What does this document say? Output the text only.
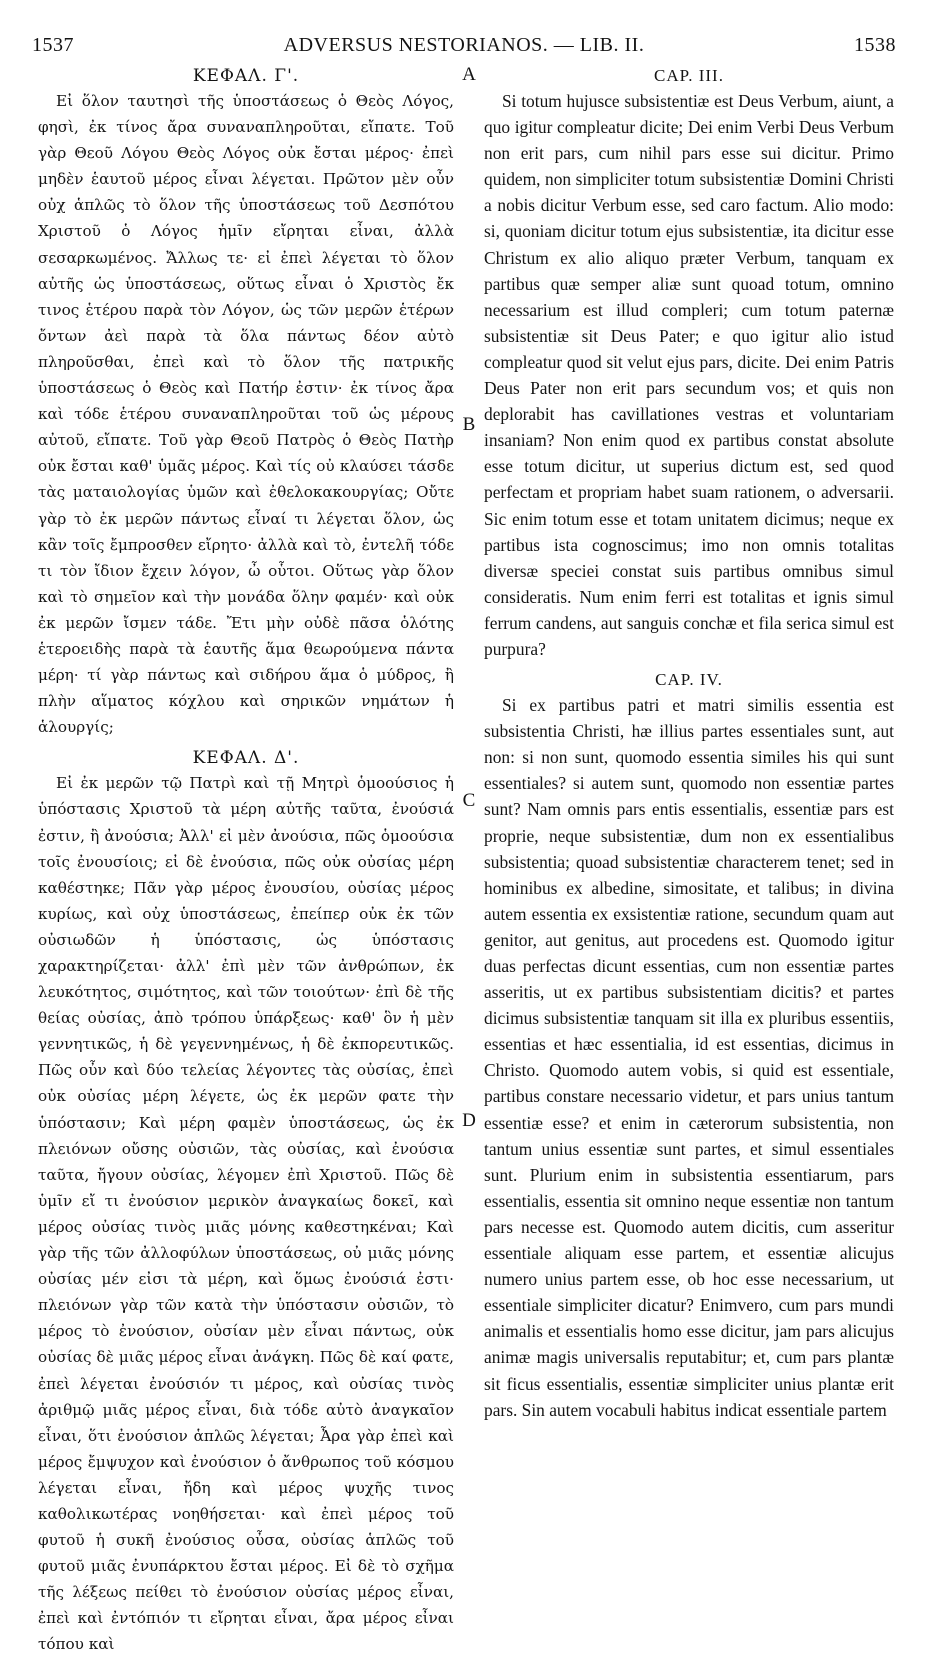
1537	ADVERSUS NESTORIANOS. — LIB. II.	1538
A
B
C
D
ΚΕΦΑΛ. Γ'.

Εἰ ὅλον ταυτησὶ τῆς ὑποστάσεως ὁ Θεὸς Λόγος, φησὶ, ἐκ τίνος ἄρα συναναπληροῦται, εἴπατε. Τοῦ γὰρ Θεοῦ Λόγου Θεὸς Λόγος οὐκ ἔσται μέρος· ἐπεὶ μηδὲν ἑαυτοῦ μέρος εἶναι λέγεται. Πρῶτον μὲν οὖν οὐχ ἁπλῶς τὸ ὅλον τῆς ὑποστάσεως τοῦ Δεσπότου Χριστοῦ ὁ Λόγος ἡμῖν εἴρηται εἶναι, ἀλλὰ σεσαρκωμένος. Ἄλλως τε· εἰ ἐπεὶ λέγεται τὸ ὅλον αὐτῆς ὡς ὑποστάσεως, οὕτως εἶναι ὁ Χριστὸς ἔκ τινος ἑτέρου παρὰ τὸν Λόγον, ὡς τῶν μερῶν ἑτέρων ὄντων ἀεὶ παρὰ τὰ ὅλα πάντως δέον αὐτὸ πληροῦσθαι, ἐπεὶ καὶ τὸ ὅλον τῆς πατρικῆς ὑποστάσεως ὁ Θεὸς καὶ Πατήρ ἐστιν· ἐκ τίνος ἄρα καὶ τόδε ἑτέρου συναναπληροῦται τοῦ ὡς μέρους αὐτοῦ, εἴπατε. Τοῦ γὰρ Θεοῦ Πατρὸς ὁ Θεὸς Πατὴρ οὐκ ἔσται καθ' ὑμᾶς μέρος. Καὶ τίς οὐ κλαύσει τάσδε τὰς ματαιολογίας ὑμῶν καὶ ἐθελοκακουργίας; Οὔτε γὰρ τὸ ἐκ μερῶν πάντως εἶναί τι λέγεται ὅλον, ὡς κἂν τοῖς ἔμπροσθεν εἴρητο· ἀλλὰ καὶ τὸ, ἐντελῆ τόδε τι τὸν ἴδιον ἔχειν λόγον, ὦ οὗτοι. Οὕτως γὰρ ὅλον καὶ τὸ σημεῖον καὶ τὴν μονάδα ὅλην φαμέν· καὶ οὐκ ἐκ μερῶν ἴσμεν τάδε. Ἔτι μὴν οὐδὲ πᾶσα ὁλότης ἑτεροειδὴς παρὰ τὰ ἑαυτῆς ἅμα θεωρούμενα πάντα μέρη· τί γὰρ πάντως καὶ σιδήρου ἅμα ὁ μύδρος, ἢ πλὴν αἵματος κόχλου καὶ σηρικῶν νημάτων ἡ ἁλουργίς;

ΚΕΦΑΛ. Δ'.

Εἰ ἐκ μερῶν τῷ Πατρὶ καὶ τῇ Μητρὶ ὁμοούσιος ἡ ὑπόστασις Χριστοῦ τὰ μέρη αὐτῆς ταῦτα, ἐνούσιά ἐστιν, ἢ ἀνούσια; Ἀλλ' εἰ μὲν ἀνούσια, πῶς ὁμοούσια τοῖς ἐνουσίοις; εἰ δὲ ἐνούσια, πῶς οὐκ οὐσίας μέρη καθέστηκε; Πᾶν γὰρ μέρος ἐνουσίου, οὐσίας μέρος κυρίως, καὶ οὐχ ὑποστάσεως, ἐπείπερ οὐκ ἐκ τῶν οὐσιωδῶν ἡ ὑπόστασις, ὡς ὑπόστασις χαρακτηρίζεται· ἀλλ' ἐπὶ μὲν τῶν ἀνθρώπων, ἐκ λευκότητος, σιμότητος, καὶ τῶν τοιούτων· ἐπὶ δὲ τῆς θείας οὐσίας, ἀπὸ τρόπου ὑπάρξεως· καθ' ὃν ἡ μὲν γεννητικῶς, ἡ δὲ γεγεννημένως, ἡ δὲ ἐκπορευτικῶς. Πῶς οὖν καὶ δύο τελείας λέγοντες τὰς οὐσίας, ἐπεὶ οὐκ οὐσίας μέρη λέγετε, ὡς ἐκ μερῶν φατε τὴν ὑπόστασιν; Καὶ μέρη φαμὲν ὑποστάσεως, ὡς ἐκ πλειόνων οὔσης οὐσιῶν, τὰς οὐσίας, καὶ ἐνούσια ταῦτα, ἤγουν οὐσίας, λέγομεν ἐπὶ Χριστοῦ. Πῶς δὲ ὑμῖν εἴ τι ἐνούσιον μερικὸν ἀναγκαίως δοκεῖ, καὶ μέρος οὐσίας τινὸς μιᾶς μόνης καθεστηκέναι; Καὶ γὰρ τῆς τῶν ἀλλοφύλων ὑποστάσεως, οὐ μιᾶς μόνης οὐσίας μέν εἰσι τὰ μέρη, καὶ ὅμως ἐνούσιά ἐστι· πλειόνων γὰρ τῶν κατὰ τὴν ὑπόστασιν οὐσιῶν, τὸ μέρος τὸ ἐνούσιον, οὐσίαν μὲν εἶναι πάντως, οὐκ οὐσίας δὲ μιᾶς μέρος εἶναι ἀνάγκη. Πῶς δὲ καί φατε, ἐπεὶ λέγεται ἐνούσιόν τι μέρος, καὶ οὐσίας τινὸς ἀριθμῷ μιᾶς μέρος εἶναι, διὰ τόδε αὐτὸ ἀναγκαῖον εἶναι, ὅτι ἐνούσιον ἁπλῶς λέγεται; Ἆρα γὰρ ἐπεὶ καὶ μέρος ἔμψυχον καὶ ἐνούσιον ὁ ἄνθρωπος τοῦ κόσμου λέγεται εἶναι, ἤδη καὶ μέρος ψυχῆς τινος καθολικωτέρας νοηθήσεται· καὶ ἐπεὶ μέρος τοῦ φυτοῦ ἡ συκῆ ἐνούσιος οὖσα, οὐσίας ἁπλῶς τοῦ φυτοῦ μιᾶς ἐνυπάρκτου ἔσται μέρος. Εἰ δὲ τὸ σχῆμα τῆς λέξεως πείθει τὸ ἐνούσιον οὐσίας μέρος εἶναι, ἐπεὶ καὶ ἐντόπιόν τι εἴρηται εἶναι, ἄρα μέρος εἶναι τόπου καὶ

CAP. III.

Si totum hujusce subsistentiæ est Deus Verbum, aiunt, a quo igitur compleatur dicite; Dei enim Verbi Deus Verbum non erit pars, cum nihil pars esse sui dicitur. Primo quidem, non simpliciter totum subsistentiæ Domini Christi a nobis dicitur Verbum esse, sed caro factum. Alio modo: si, quoniam dicitur totum ejus subsistentiæ, ita dicitur esse Christum ex alio aliquo præter Verbum, tanquam ex partibus quæ semper aliæ sunt quoad totum, omnino necessarium est illud compleri; cum totum paternæ subsistentiæ sit Deus Pater; e quo igitur alio istud compleatur quod sit velut ejus pars, dicite. Dei enim Patris Deus Pater non erit pars secundum vos; et quis non deplorabit has cavillationes vestras et voluntariam insaniam? Non enim quod ex partibus constat absolute esse totum dicitur, ut superius dictum est, sed quod perfectam et propriam habet suam rationem, o adversarii. Sic enim totum esse et totam unitatem dicimus; neque ex partibus ista cognoscimus; imo non omnis totalitas diversæ speciei constat suis partibus omnibus simul consideratis. Num enim ferri est totalitas et ignis simul ferrum candens, aut sanguis conchæ et fila serica simul est purpura?

CAP. IV.

Si ex partibus patri et matri similis essentia est subsistentia Christi, hæ illius partes essentiales sunt, aut non: si non sunt, quomodo essentia similes his qui sunt essentiales? si autem sunt, quomodo non essentiæ partes sunt? Nam omnis pars entis essentialis, essentiæ pars est proprie, neque subsistentiæ, dum non ex essentialibus subsistentia; quoad subsistentiæ characterem tenet; sed in hominibus ex albedine, simositate, et talibus; in divina autem essentia ex exsistentiæ ratione, secundum quam aut genitor, aut genitus, aut procedens est. Quomodo igitur duas perfectas dicunt essentias, cum non essentiæ partes asseritis, ut ex partibus subsistentiam dicitis? et partes dicimus subsistentiæ tanquam sit illa ex pluribus essentiis, essentias et hæc essentialia, id est essentias, dicimus in Christo. Quomodo autem vobis, si quid est essentiale, partibus constare necessario videtur, et pars unius tantum essentiæ esse? et enim in cæterorum subsistentia, non tantum unius essentiæ sunt partes, et simul essentiales sunt. Plurium enim in subsistentia essentiarum, pars essentialis, essentia sit omnino neque essentiæ non tantum pars necesse est. Quomodo autem dicitis, cum asseritur essentiale aliquam esse partem, et essentiæ alicujus numero unius partem esse, ob hoc esse necessarium, ut essentiale simpliciter dicatur? Enimvero, cum pars mundi animalis et essentialis homo esse dicitur, jam pars alicujus animæ magis universalis reputabitur; et, cum pars plantæ sit ficus essentialis, essentiæ simpliciter unius plantæ erit pars. Sin autem vocabuli habitus indicat essentiale partem
